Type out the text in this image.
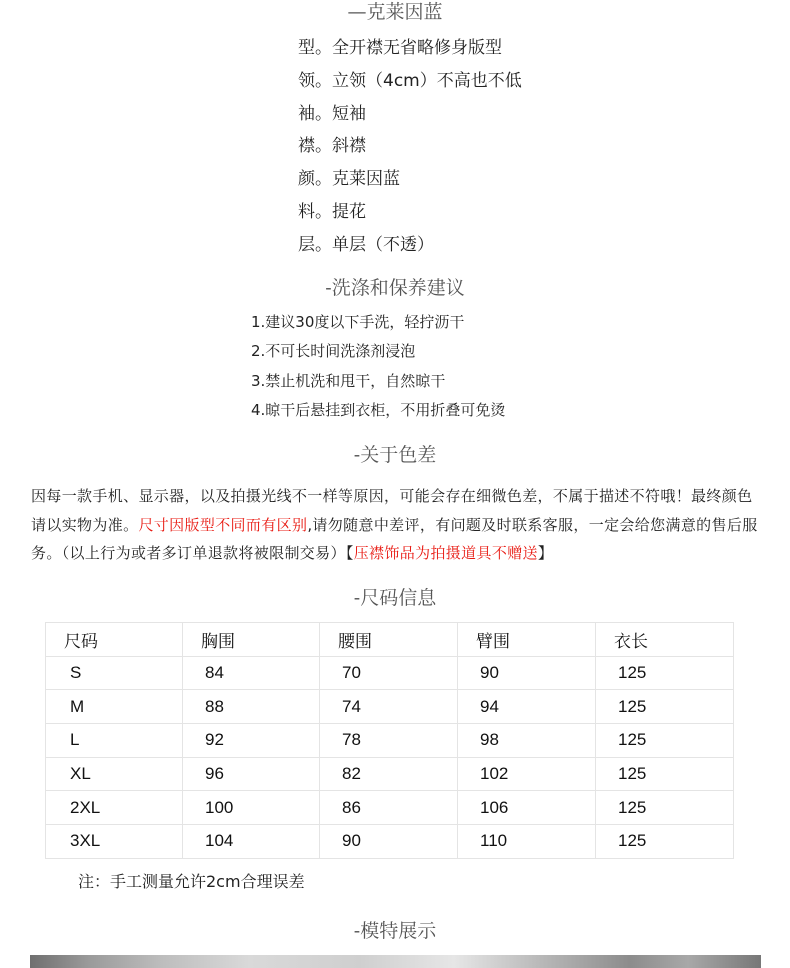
—克莱因蓝
型。全开襟无省略修身版型
领。立领（4cm）不高也不低
袖。短袖
襟。斜襟
颜。克莱因蓝
料。提花
层。单层（不透）
-洗涤和保养建议
1.建议30度以下手洗，轻拧沥干
2.不可长时间洗涤剂浸泡
3.禁止机洗和甩干，自然晾干
4.晾干后悬挂到衣柜，不用折叠可免烫
-关于色差

因每一款手机、显示器，以及拍摄光线不一样等原因，可能会存在细微色差，不属于描述不符哦！最终颜色请以实物为准。尺寸因版型不同而有区别,请勿随意中差评，有问题及时联系客服，一定会给您满意的售后服务。（以上行为或者多订单退款将被限制交易）【压襟饰品为拍摄道具不赠送】

-尺码信息
尺码	胸围	腰围	臂围	衣长
S	84	70	90	125
M	88	74	94	125
L	92	78	98	125
XL	96	82	102	125
2XL	100	86	106	125
3XL	104	90	110	125

注：手工测量允许2cm合理误差

-模特展示
